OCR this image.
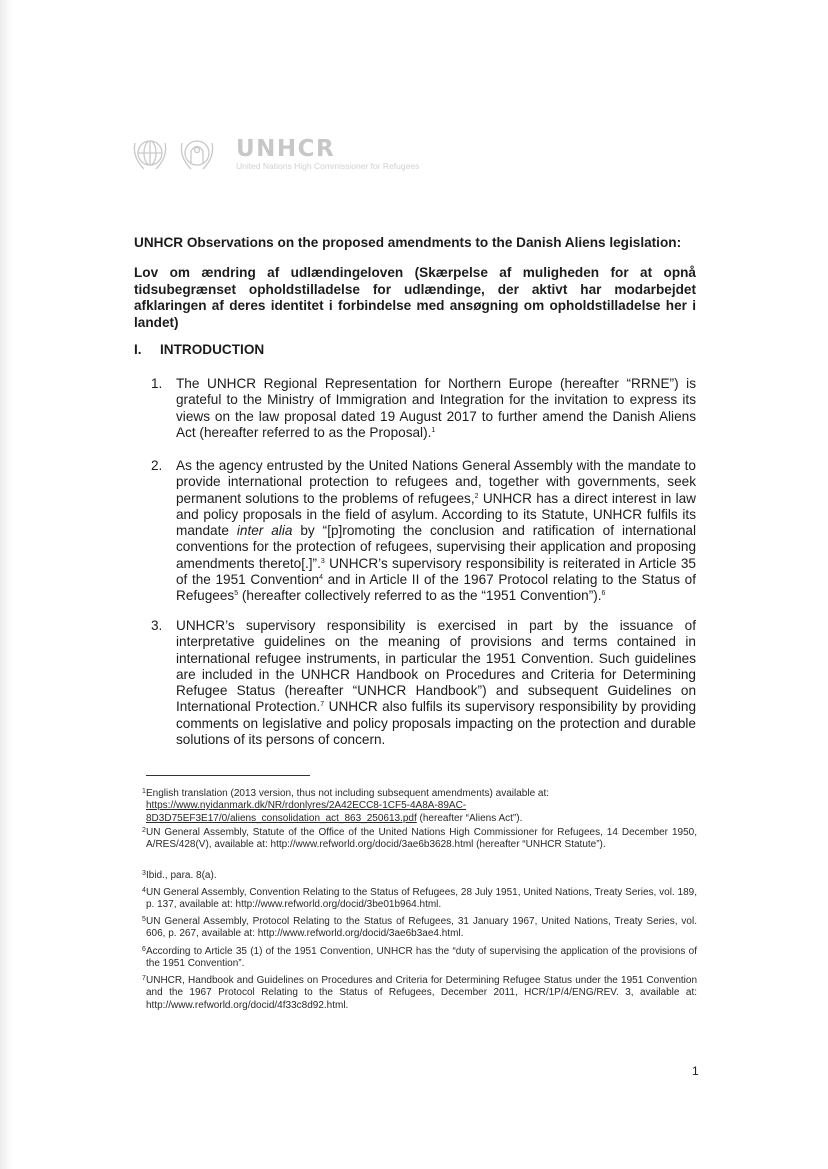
UNHCR
United Nations High Commissioner for Refugees
UNHCR Observations on the proposed amendments to the Danish Aliens legislation:

Lov om ændring af udlændingeloven (Skærpelse af muligheden for at opnå tidsubegrænset opholdstilladelse for udlændinge, der aktivt har modarbejdet afklaringen af deres identitet i forbindelse med ansøgning om opholdstilladelse her i landet)

I. INTRODUCTION

1. The UNHCR Regional Representation for Northern Europe (hereafter “RRNE”) is grateful to the Ministry of Immigration and Integration for the invitation to express its views on the law proposal dated 19 August 2017 to further amend the Danish Aliens Act (hereafter referred to as the Proposal).$^1$

2. As the agency entrusted by the United Nations General Assembly with the mandate to provide international protection to refugees and, together with governments, seek permanent solutions to the problems of refugees,$^2$ UNHCR has a direct interest in law and policy proposals in the field of asylum. According to its Statute, UNHCR fulfils its mandate inter alia by “[p]romoting the conclusion and ratification of international conventions for the protection of refugees, supervising their application and proposing amendments thereto[.]”.$^3$ UNHCR’s supervisory responsibility is reiterated in Article 35 of the 1951 Convention$^4$ and in Article II of the 1967 Protocol relating to the Status of Refugees$^5$ (hereafter collectively referred to as the “1951 Convention”).$^6$

3. UNHCR’s supervisory responsibility is exercised in part by the issuance of interpretative guidelines on the meaning of provisions and terms contained in international refugee instruments, in particular the 1951 Convention. Such guidelines are included in the UNHCR Handbook on Procedures and Criteria for Determining Refugee Status (hereafter “UNHCR Handbook”) and subsequent Guidelines on International Protection.$^7$ UNHCR also fulfils its supervisory responsibility by providing comments on legislative and policy proposals impacting on the protection and durable solutions of its persons of concern.

1 English translation (2013 version, thus not including subsequent amendments) available at:
https://www.nyidanmark.dk/NR/rdonlyres/2A42ECC8-1CF5-4A8A-89AC-8D3D75EF3E17/0/aliens_consolidation_act_863_250613.pdf (hereafter “Aliens Act”).

2 UN General Assembly, Statute of the Office of the United Nations High Commissioner for Refugees, 14 December 1950, A/RES/428(V), available at: http://www.refworld.org/docid/3ae6b3628.html (hereafter “UNHCR Statute”).

3 Ibid., para. 8(a).

4 UN General Assembly, Convention Relating to the Status of Refugees, 28 July 1951, United Nations, Treaty Series, vol. 189, p. 137, available at: http://www.refworld.org/docid/3be01b964.html.

5 UN General Assembly, Protocol Relating to the Status of Refugees, 31 January 1967, United Nations, Treaty Series, vol. 606, p. 267, available at: http://www.refworld.org/docid/3ae6b3ae4.html.

6 According to Article 35 (1) of the 1951 Convention, UNHCR has the “duty of supervising the application of the provisions of the 1951 Convention”.

7 UNHCR, Handbook and Guidelines on Procedures and Criteria for Determining Refugee Status under the 1951 Convention and the 1967 Protocol Relating to the Status of Refugees, December 2011, HCR/1P/4/ENG/REV. 3, available at: http://www.refworld.org/docid/4f33c8d92.html.

1
